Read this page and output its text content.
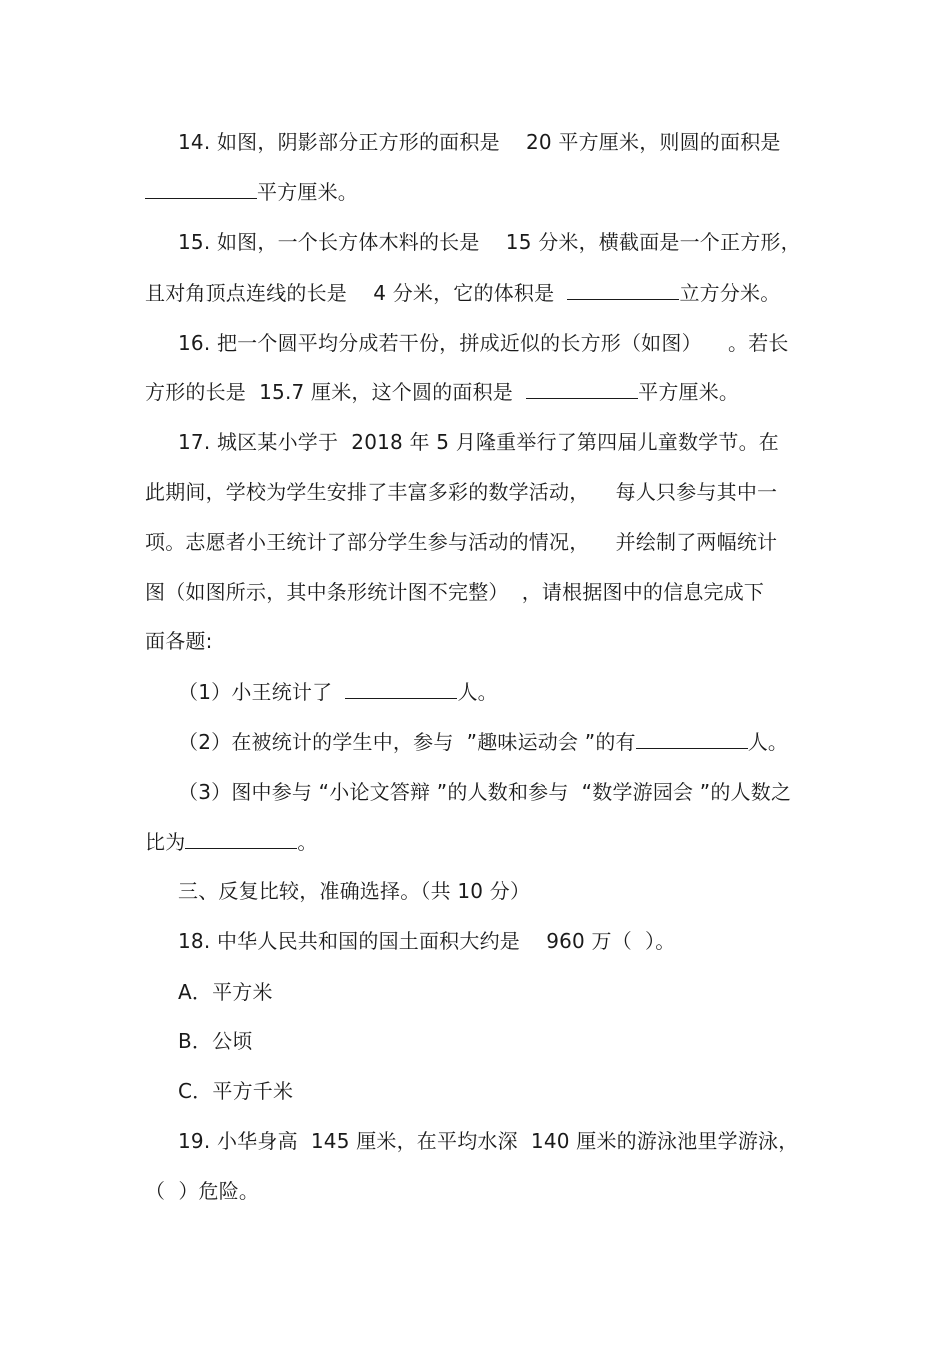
14. 如图，阴影部分正方形的面积是    20 平方厘米，则圆的面积是
平方厘米。
15. 如图，一个长方体木料的长是    15 分米，横截面是一个正方形，
且对角顶点连线的长是    4 分米，它的体积是	立方分米。
16. 把一个圆平均分成若干份，拼成近似的长方形（如图）    。若长
方形的长是  15.7 厘米，这个圆的面积是	平方厘米。
17. 城区某小学于  2018 年 5 月隆重举行了第四届儿童数学节。在
此期间，学校为学生安排了丰富多彩的数学活动，    每人只参与其中一
项。志愿者小王统计了部分学生参与活动的情况，    并绘制了两幅统计
图（如图所示，其中条形统计图不完整）  ，请根据图中的信息完成下
面各题:
（1）小王统计了	人。
（2）在被统计的学生中，参与  ”趣味运动会 ”的有	人。
（3）图中参与 “小论文答辩 ”的人数和参与  “数学游园会 ”的人数之
比为	。
三、反复比较，准确选择。（共 10 分）
18. 中华人民共和国的国土面积大约是    960 万（  ）。
A．平方米
B．公顷
C．平方千米
19. 小华身高  145 厘米，在平均水深  140 厘米的游泳池里学游泳，
（  ）危险。
